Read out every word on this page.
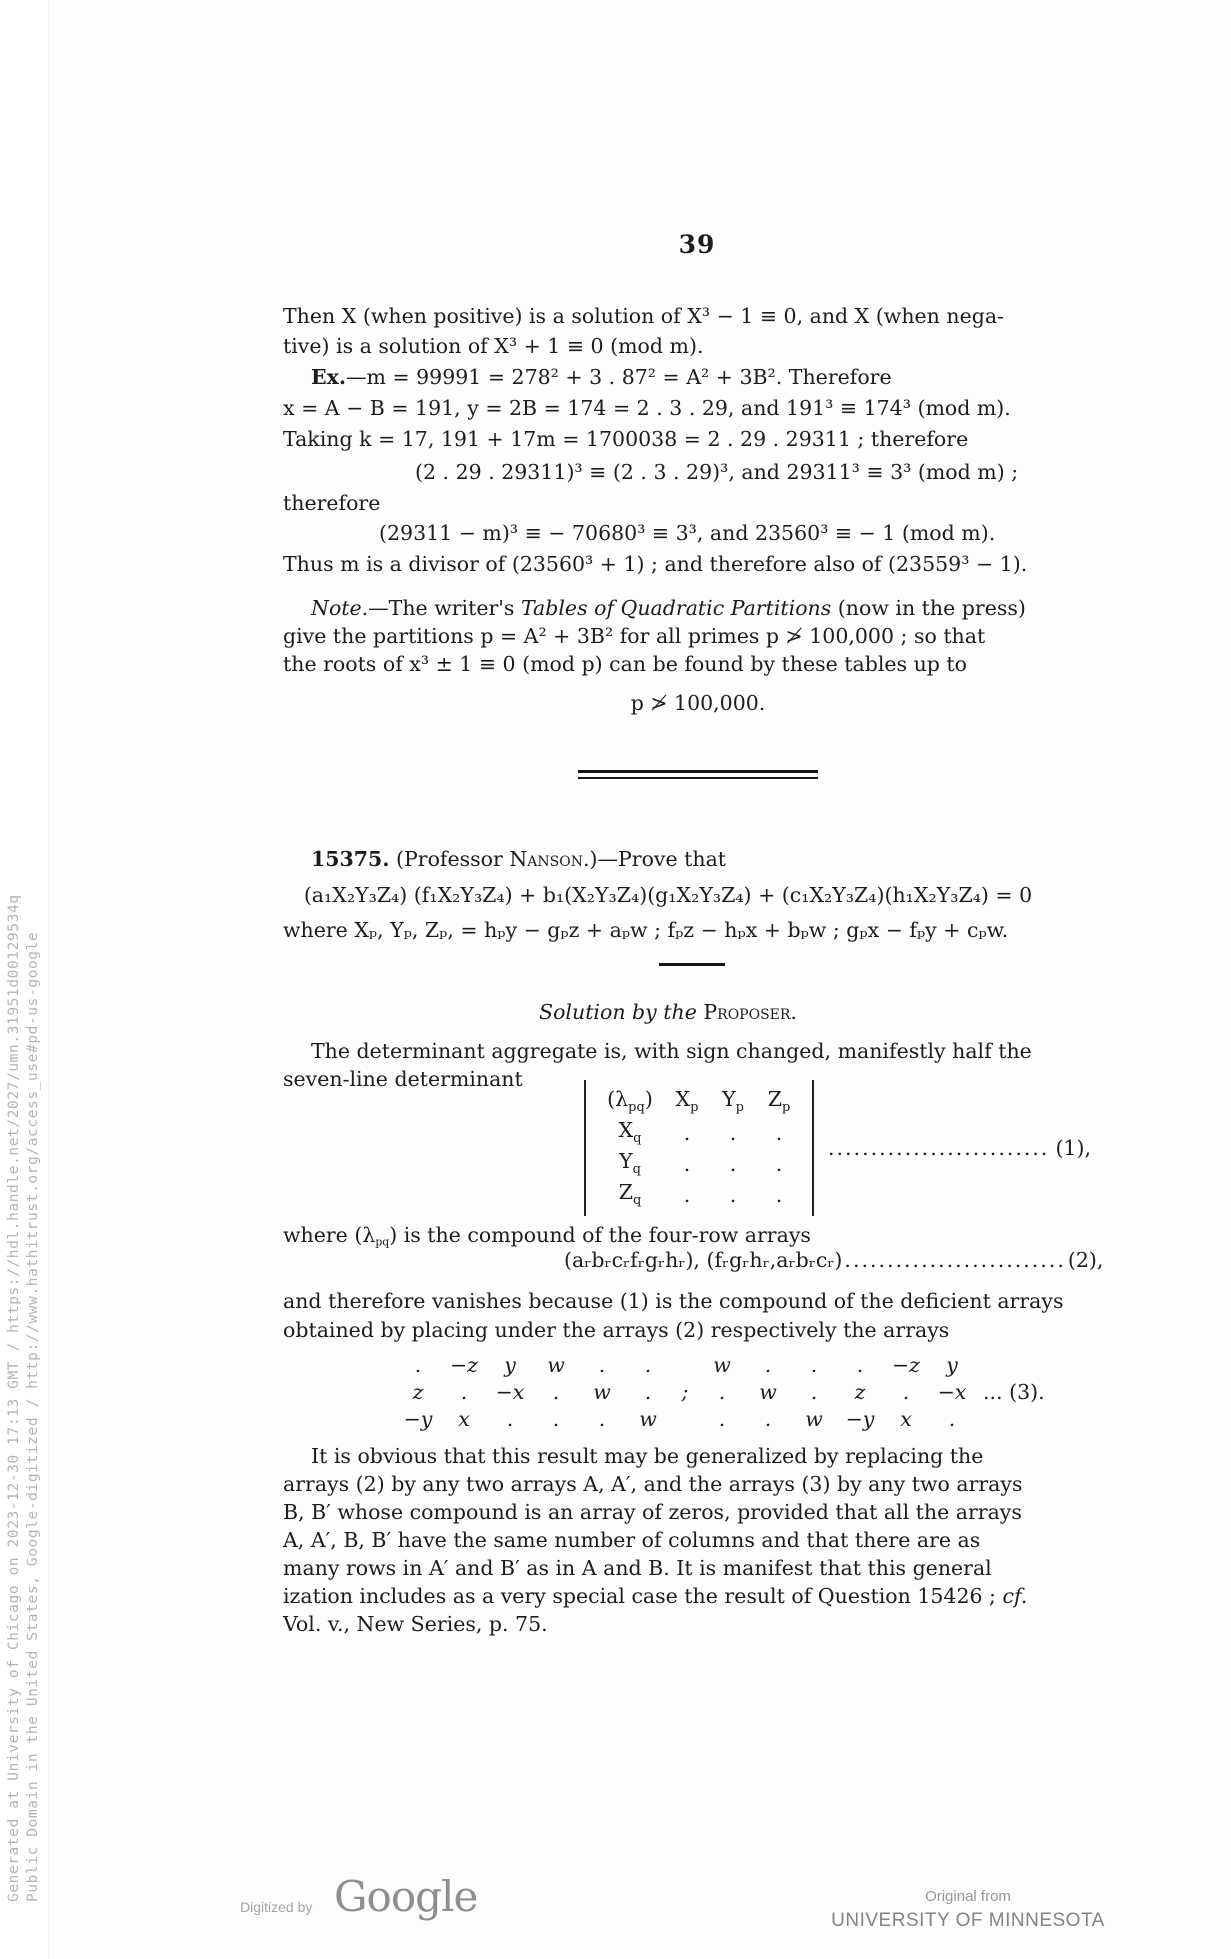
39
Then X (when positive) is a solution of X³ − 1 ≡ 0, and X (when nega-
tive) is a solution of X³ + 1 ≡ 0 (mod m).
Ex.—m = 99991 = 278² + 3 . 87² = A² + 3B². Therefore
x = A − B = 191, y = 2B = 174 = 2 . 3 . 29, and 191³ ≡ 174³ (mod m).
Taking k = 17, 191 + 17m = 1700038 = 2 . 29 . 29311 ; therefore
(2 . 29 . 29311)³ ≡ (2 . 3 . 29)³, and 29311³ ≡ 3³ (mod m) ;
therefore
(29311 − m)³ ≡ − 70680³ ≡ 3³, and 23560³ ≡ − 1 (mod m).
Thus m is a divisor of (23560³ + 1) ; and therefore also of (23559³ − 1).
Note.—The writer's Tables of Quadratic Partitions (now in the press)
give the partitions p = A² + 3B² for all primes p ≯ 100,000 ; so that
the roots of x³ ± 1 ≡ 0 (mod p) can be found by these tables up to
p ≯ 100,000.
15375. (Professor Nanson.)—Prove that
(a₁X₂Y₃Z₄) (f₁X₂Y₃Z₄) + b₁(X₂Y₃Z₄)(g₁X₂Y₃Z₄) + (c₁X₂Y₃Z₄)(h₁X₂Y₃Z₄) = 0
where Xₚ, Yₚ, Zₚ, = hₚy − gₚz + aₚw ; fₚz − hₚx + bₚw ; gₚx − fₚy + cₚw.
Solution by the Proposer.
The determinant aggregate is, with sign changed, manifestly half the
seven-line determinant
$(\lambda_{pq})$	$X_p$	$Y_p$	$Z_p$
$X_q$	.	.	.
$Y_q$	.	.	.
$Z_q$	.	.	.
.......................... (1),
where $(\lambda_{pq})$ is the compound of the four-row arrays
(aᵣbᵣcᵣfᵣgᵣhᵣ), (fᵣgᵣhᵣ,aᵣbᵣcᵣ) .......................... (2),
and therefore vanishes because (1) is the compound of the deficient arrays
obtained by placing under the arrays (2) respectively the arrays
.	−z	y	w	.	.	w	.	.	.	−z	y
z	.	−x	.	w	.	;	.	w	.	z	.	−x ... (3).
−y	x	.	.	.	w	.	.	w	−y	x	.
It is obvious that this result may be generalized by replacing the
arrays (2) by any two arrays A, A′, and the arrays (3) by any two arrays
B, B′ whose compound is an array of zeros, provided that all the arrays
A, A′, B, B′ have the same number of columns and that there are as
many rows in A′ and B′ as in A and B. It is manifest that this general
ization includes as a very special case the result of Question 15426 ; cf.
Vol. v., New Series, p. 75.
Digitized by Google	Original from
UNIVERSITY OF MINNESOTA
Generated at University of Chicago on 2023-12-30 17:13 GMT / https://hdl.handle.net/2027/umn.31951d00129534q Public Domain in the United States, Google-digitized / http://www.hathitrust.org/access_use#pd-us-google
